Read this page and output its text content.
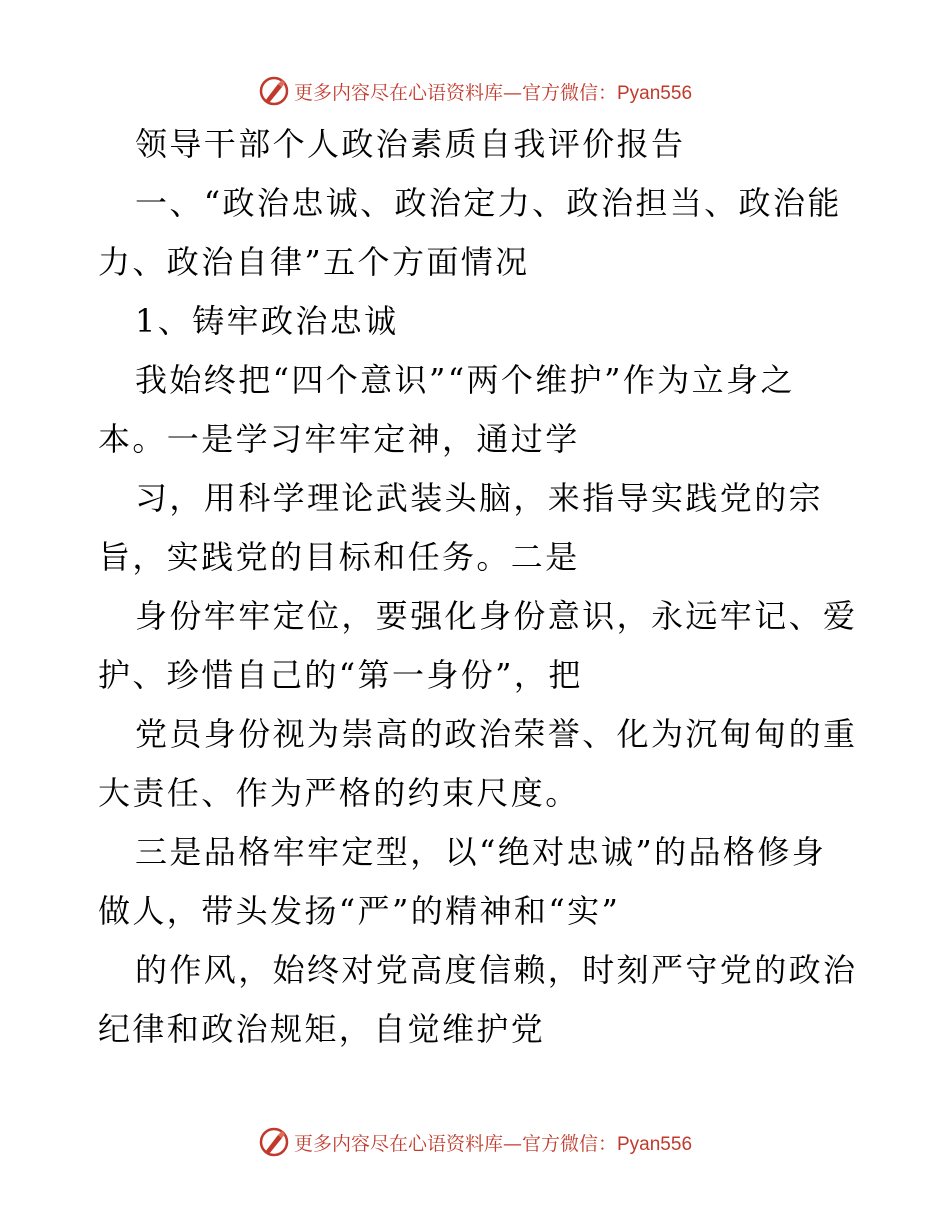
更多内容尽在心语资料库—官方微信：Pyan556
领导干部个人政治素质自我评价报告
一、“政治忠诚、政治定力、政治担当、政治能
力、政治自律”五个方面情况
1、铸牢政治忠诚
我始终把“四个意识”“两个维护”作为立身之
本。一是学习牢牢定神，通过学
习，用科学理论武装头脑，来指导实践党的宗
旨，实践党的目标和任务。二是
身份牢牢定位，要强化身份意识，永远牢记、爱
护、珍惜自己的“第一身份”，把
党员身份视为崇高的政治荣誉、化为沉甸甸的重
大责任、作为严格的约束尺度。
三是品格牢牢定型，以“绝对忠诚”的品格修身
做人，带头发扬“严”的精神和“实”
的作风，始终对党高度信赖，时刻严守党的政治
纪律和政治规矩，自觉维护党
更多内容尽在心语资料库—官方微信：Pyan556
